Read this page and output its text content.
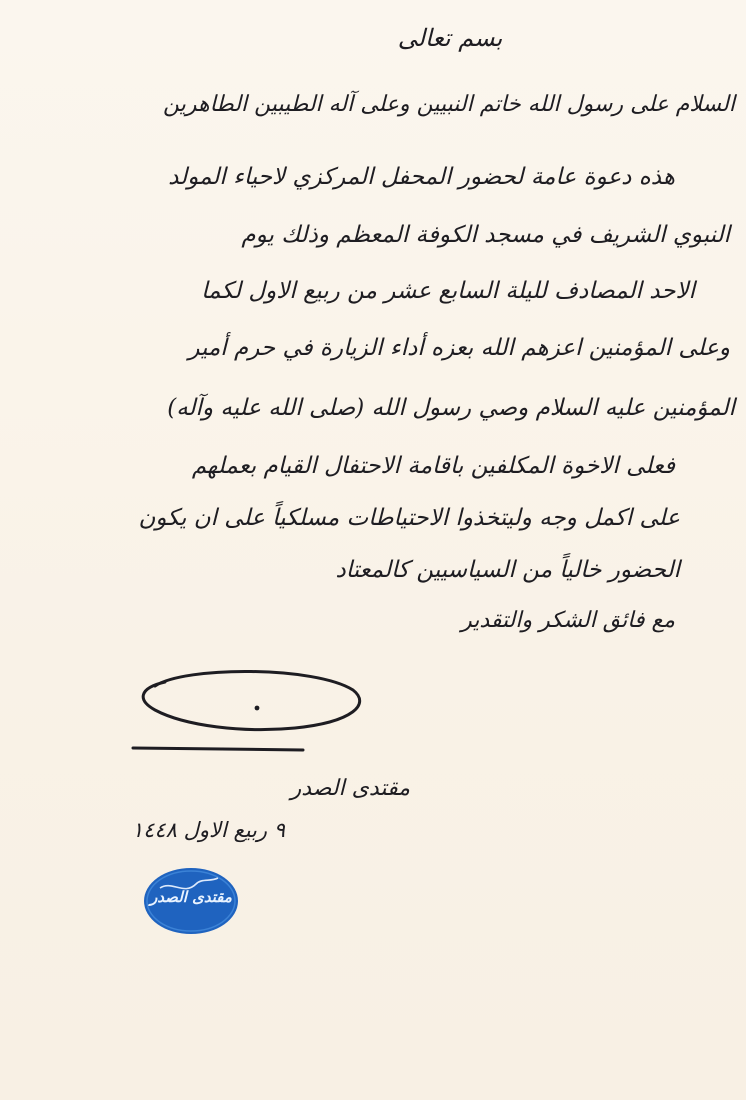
بسم تعالى
السلام على رسول الله خاتم النبيين وعلى آله الطيبين الطاهرين
هذه دعوة عامة لحضور المحفل المركزي لاحياء المولد
النبوي الشريف في مسجد الكوفة المعظم وذلك يوم
الاحد المصادف لليلة السابع عشر من ربيع الاول لكما
وعلى المؤمنين اعزهم الله بعزه أداء الزيارة في حرم أمير
المؤمنين عليه السلام وصي رسول الله (صلى الله عليه وآله)
فعلى الاخوة المكلفين باقامة الاحتفال القيام بعملهم
على اكمل وجه وليتخذوا الاحتياطات مسلكياً على ان يكون
الحضور خالياً من السياسيين كالمعتاد
مع فائق الشكر والتقدير
مقتدى الصدر
٩ ربيع الاول ١٤٤٨
مقتدى الصدر
